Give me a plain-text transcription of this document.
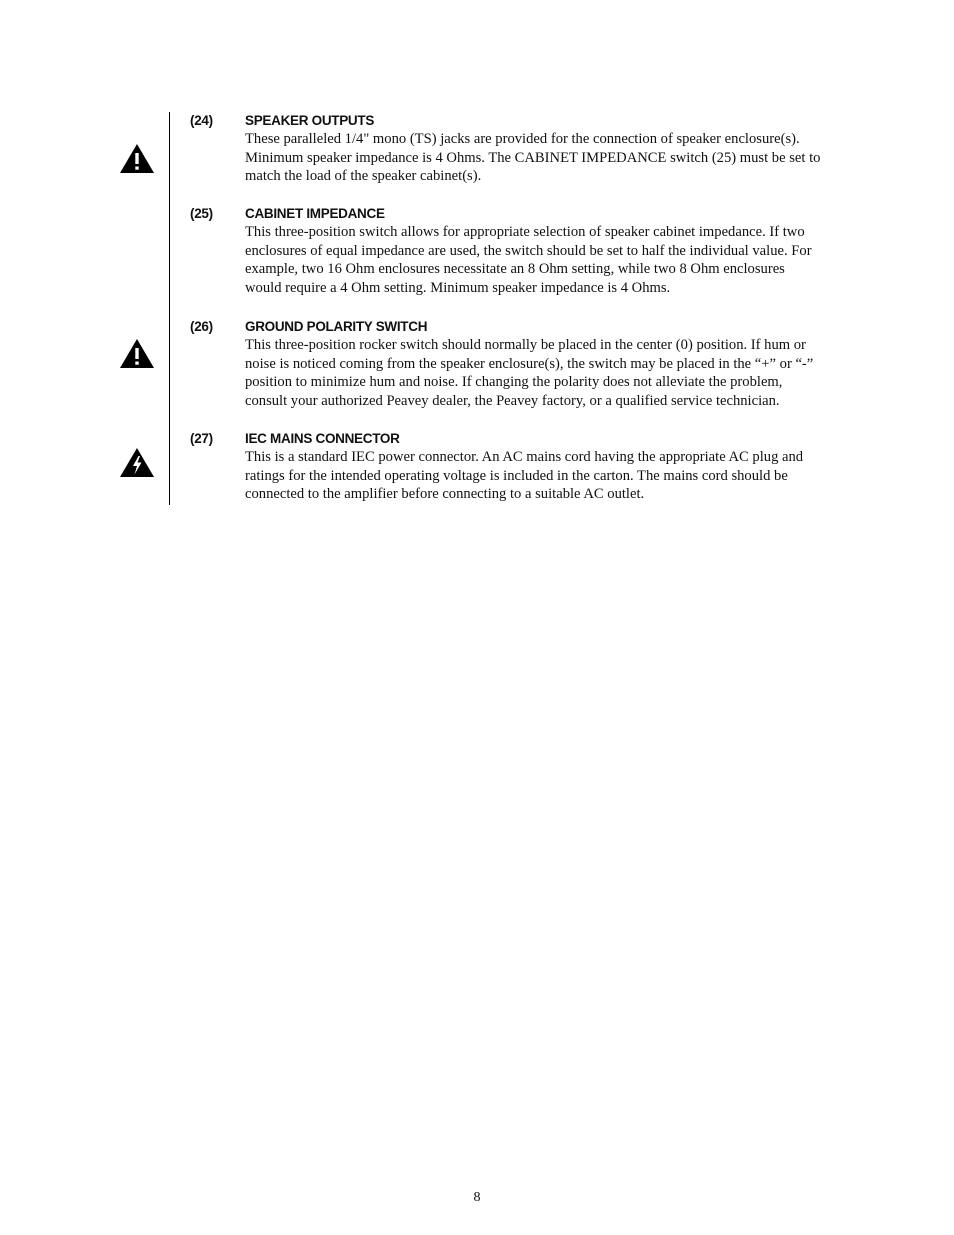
(24) SPEAKER OUTPUTS
These paralleled 1/4" mono (TS) jacks are provided for the connection of speaker enclosure(s).
Minimum speaker impedance is 4 Ohms. The CABINET IMPEDANCE switch (25) must be set to
match the load of the speaker cabinet(s).
(25) CABINET IMPEDANCE
This three-position switch allows for appropriate selection of speaker cabinet impedance. If two
enclosures of equal impedance are used, the switch should be set to half the individual value. For
example, two 16 Ohm enclosures necessitate an 8 Ohm setting, while two 8 Ohm enclosures
would require a 4 Ohm setting. Minimum speaker impedance is 4 Ohms.
(26) GROUND POLARITY SWITCH
This three-position rocker switch should normally be placed in the center (0) position. If hum or
noise is noticed coming from the speaker enclosure(s), the switch may be placed in the “+” or “-”
position to minimize hum and noise. If changing the polarity does not alleviate the problem,
consult your authorized Peavey dealer, the Peavey factory, or a qualified service technician.
(27) IEC MAINS CONNECTOR
This is a standard IEC power connector. An AC mains cord having the appropriate AC plug and
ratings for the intended operating voltage is included in the carton. The mains cord should be
connected to the amplifier before connecting to a suitable AC outlet.
8
